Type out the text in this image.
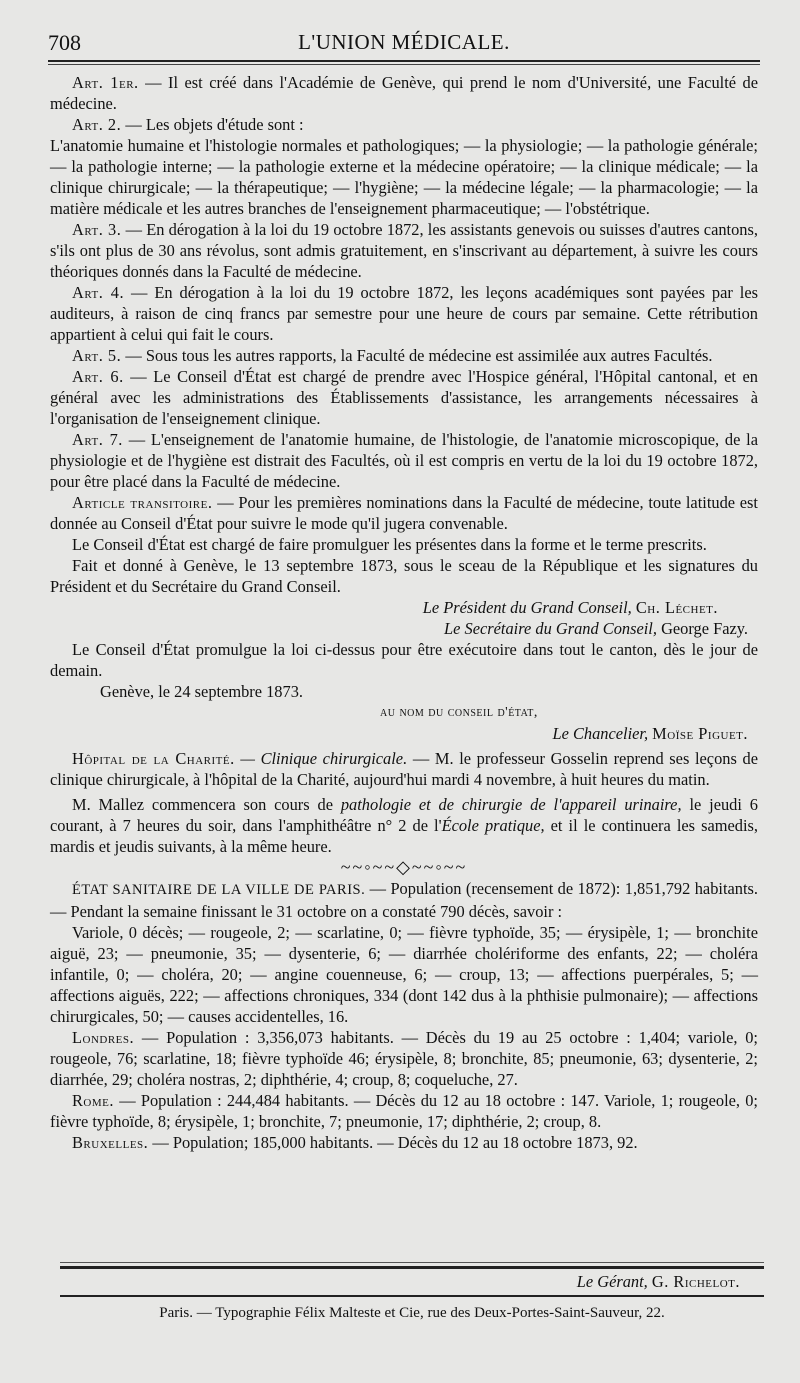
708	L'UNION MÉDICALE.

Art. 1er. — Il est créé dans l'Académie de Genève, qui prend le nom d'Université, une Faculté de médecine.

Art. 2. — Les objets d'étude sont :

L'anatomie humaine et l'histologie normales et pathologiques; — la physiologie; — la pathologie générale; — la pathologie interne; — la pathologie externe et la médecine opératoire; — la clinique médicale; — la clinique chirurgicale; — la thérapeutique; — l'hygiène; — la médecine légale; — la pharmacologie; — la matière médicale et les autres branches de l'enseignement pharmaceutique; — l'obstétrique.

Art. 3. — En dérogation à la loi du 19 octobre 1872, les assistants genevois ou suisses d'autres cantons, s'ils ont plus de 30 ans révolus, sont admis gratuitement, en s'inscrivant au département, à suivre les cours théoriques donnés dans la Faculté de médecine.

Art. 4. — En dérogation à la loi du 19 octobre 1872, les leçons académiques sont payées par les auditeurs, à raison de cinq francs par semestre pour une heure de cours par semaine. Cette rétribution appartient à celui qui fait le cours.

Art. 5. — Sous tous les autres rapports, la Faculté de médecine est assimilée aux autres Facultés.

Art. 6. — Le Conseil d'État est chargé de prendre avec l'Hospice général, l'Hôpital cantonal, et en général avec les administrations des Établissements d'assistance, les arrangements nécessaires à l'organisation de l'enseignement clinique.

Art. 7. — L'enseignement de l'anatomie humaine, de l'histologie, de l'anatomie microscopique, de la physiologie et de l'hygiène est distrait des Facultés, où il est compris en vertu de la loi du 19 octobre 1872, pour être placé dans la Faculté de médecine.

Article transitoire. — Pour les premières nominations dans la Faculté de médecine, toute latitude est donnée au Conseil d'État pour suivre le mode qu'il jugera convenable.

Le Conseil d'État est chargé de faire promulguer les présentes dans la forme et le terme prescrits.

Fait et donné à Genève, le 13 septembre 1873, sous le sceau de la République et les signatures du Président et du Secrétaire du Grand Conseil.

Le Président du Grand Conseil, Ch. Léchet.

Le Secrétaire du Grand Conseil, George Fazy.

Le Conseil d'État promulgue la loi ci-dessus pour être exécutoire dans tout le canton, dès le jour de demain.

Genève, le 24 septembre 1873.

au nom du conseil d'état,

Le Chancelier, Moïse Piguet.

Hôpital de la Charité. — Clinique chirurgicale. — M. le professeur Gosselin reprend ses leçons de clinique chirurgicale, à l'hôpital de la Charité, aujourd'hui mardi 4 novembre, à huit heures du matin.

M. Mallez commencera son cours de pathologie et de chirurgie de l'appareil urinaire, le jeudi 6 courant, à 7 heures du soir, dans l'amphithéâtre n° 2 de l'École pratique, et il le continuera les samedis, mardis et jeudis suivants, à la même heure.

~~◦~~◇~~◦~~

ÉTAT SANITAIRE DE LA VILLE DE PARIS. — Population (recensement de 1872): 1,851,792 habitants. — Pendant la semaine finissant le 31 octobre on a constaté 790 décès, savoir :

Variole, 0 décès; — rougeole, 2; — scarlatine, 0; — fièvre typhoïde, 35; — érysipèle, 1; — bronchite aiguë, 23; — pneumonie, 35; — dysenterie, 6; — diarrhée cholériforme des enfants, 22; — choléra infantile, 0; — choléra, 20; — angine couenneuse, 6; — croup, 13; — affections puerpérales, 5; — affections aiguës, 222; — affections chroniques, 334 (dont 142 dus à la phthisie pulmonaire); — affections chirurgicales, 50; — causes accidentelles, 16.

Londres. — Population : 3,356,073 habitants. — Décès du 19 au 25 octobre : 1,404; variole, 0; rougeole, 76; scarlatine, 18; fièvre typhoïde 46; érysipèle, 8; bronchite, 85; pneumonie, 63; dysenterie, 2; diarrhée, 29; choléra nostras, 2; diphthérie, 4; croup, 8; coqueluche, 27.

Rome. — Population : 244,484 habitants. — Décès du 12 au 18 octobre : 147. Variole, 1; rougeole, 0; fièvre typhoïde, 8; érysipèle, 1; bronchite, 7; pneumonie, 17; diphthérie, 2; croup, 8.

Bruxelles. — Population; 185,000 habitants. — Décès du 12 au 18 octobre 1873, 92.

Le Gérant, G. Richelot.
Paris. — Typographie Félix Malteste et Cie, rue des Deux-Portes-Saint-Sauveur, 22.
